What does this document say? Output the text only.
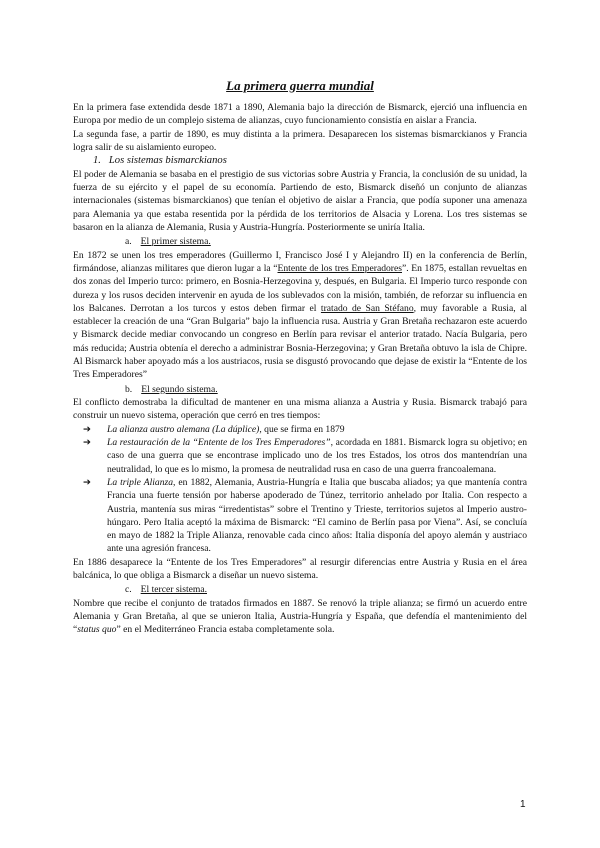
La primera guerra mundial

En la primera fase extendida desde 1871 a 1890, Alemania bajo la dirección de Bismarck, ejerció una influencia en Europa por medio de un complejo sistema de alianzas, cuyo funcionamiento consistía en aislar a Francia.

La segunda fase, a partir de 1890, es muy distinta a la primera. Desaparecen los sistemas bismarckianos y Francia logra salir de su aislamiento europeo.

1. Los sistemas bismarckianos

El poder de Alemania se basaba en el prestigio de sus victorias sobre Austria y Francia, la conclusión de su unidad, la fuerza de su ejército y el papel de su economía. Partiendo de esto, Bismarck diseñó un conjunto de alianzas internacionales (sistemas bismarckianos) que tenían el objetivo de aislar a Francia, que podía suponer una amenaza para Alemania ya que estaba resentida por la pérdida de los territorios de Alsacia y Lorena. Los tres sistemas se basaron en la alianza de Alemania, Rusia y Austria-Hungría. Posteriormente se uniría Italia.

a. El primer sistema.

En 1872 se unen los tres emperadores (Guillermo I, Francisco José I y Alejandro II) en la conferencia de Berlín, firmándose, alianzas militares que dieron lugar a la “Entente de los tres Emperadores”. En 1875, estallan revueltas en dos zonas del Imperio turco: primero, en Bosnia-Herzegovina y, después, en Bulgaria. El Imperio turco responde con dureza y los rusos deciden intervenir en ayuda de los sublevados con la misión, también, de reforzar su influencia en los Balcanes. Derrotan a los turcos y estos deben firmar el tratado de San Stéfano, muy favorable a Rusia, al establecer la creación de una “Gran Bulgaria” bajo la influencia rusa. Austria y Gran Bretaña rechazaron este acuerdo y Bismarck decide mediar convocando un congreso en Berlín para revisar el anterior tratado. Nacía Bulgaria, pero más reducida; Austria obtenía el derecho a administrar Bosnia-Herzegovina; y Gran Bretaña obtuvo la isla de Chipre. Al Bismarck haber apoyado más a los austriacos, rusia se disgustó provocando que dejase de existir la “Entente de los Tres Emperadores”

b. El segundo sistema.

El conflicto demostraba la dificultad de mantener en una misma alianza a Austria y Rusia. Bismarck trabajó para construir un nuevo sistema, operación que cerró en tres tiempos:

➔ La alianza austro alemana (La dúplice), que se firma en 1879
➔ La restauración de la “Entente de los Tres Emperadores”, acordada en 1881. Bismarck logra su objetivo; en caso de una guerra que se encontrase implicado uno de los tres Estados, los otros dos mantendrían una neutralidad, lo que es lo mismo, la promesa de neutralidad rusa en caso de una guerra francoalemana.
➔ La triple Alianza, en 1882, Alemania, Austria-Hungría e Italia que buscaba aliados; ya que mantenía contra Francia una fuerte tensión por haberse apoderado de Túnez, territorio anhelado por Italia. Con respecto a Austria, mantenía sus miras “irredentistas” sobre el Trentino y Trieste, territorios sujetos al Imperio austro-húngaro. Pero Italia aceptó la máxima de Bismarck: “El camino de Berlín pasa por Viena”. Así, se concluía en mayo de 1882 la Triple Alianza, renovable cada cinco años: Italia disponía del apoyo alemán y austriaco ante una agresión francesa.

En 1886 desaparece la “Entente de los Tres Emperadores” al resurgir diferencias entre Austria y Rusia en el área balcánica, lo que obliga a Bismarck a diseñar un nuevo sistema.

c. El tercer sistema.

Nombre que recibe el conjunto de tratados firmados en 1887. Se renovó la triple alianza; se firmó un acuerdo entre Alemania y Gran Bretaña, al que se unieron Italia, Austria-Hungría y España, que defendía el mantenimiento del “status quo” en el Mediterráneo Francia estaba completamente sola.

1
